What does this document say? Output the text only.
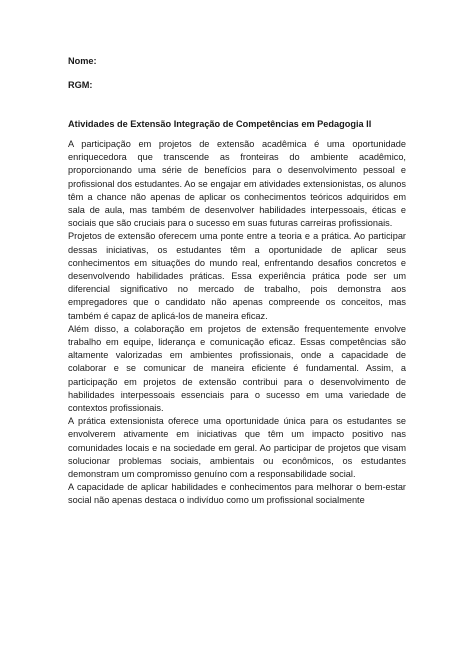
Nome:

RGM:

Atividades de Extensão Integração de Competências em Pedagogia II

A participação em projetos de extensão acadêmica é uma oportunidade enriquecedora que transcende as fronteiras do ambiente acadêmico, proporcionando uma série de benefícios para o desenvolvimento pessoal e profissional dos estudantes. Ao se engajar em atividades extensionistas, os alunos têm a chance não apenas de aplicar os conhecimentos teóricos adquiridos em sala de aula, mas também de desenvolver habilidades interpessoais, éticas e sociais que são cruciais para o sucesso em suas futuras carreiras profissionais.

Projetos de extensão oferecem uma ponte entre a teoria e a prática. Ao participar dessas iniciativas, os estudantes têm a oportunidade de aplicar seus conhecimentos em situações do mundo real, enfrentando desafios concretos e desenvolvendo habilidades práticas. Essa experiência prática pode ser um diferencial significativo no mercado de trabalho, pois demonstra aos empregadores que o candidato não apenas compreende os conceitos, mas também é capaz de aplicá-los de maneira eficaz.

Além disso, a colaboração em projetos de extensão frequentemente envolve trabalho em equipe, liderança e comunicação eficaz. Essas competências são altamente valorizadas em ambientes profissionais, onde a capacidade de colaborar e se comunicar de maneira eficiente é fundamental. Assim, a participação em projetos de extensão contribui para o desenvolvimento de habilidades interpessoais essenciais para o sucesso em uma variedade de contextos profissionais.

A prática extensionista oferece uma oportunidade única para os estudantes se envolverem ativamente em iniciativas que têm um impacto positivo nas comunidades locais e na sociedade em geral. Ao participar de projetos que visam solucionar problemas sociais, ambientais ou econômicos, os estudantes demonstram um compromisso genuíno com a responsabilidade social.

A capacidade de aplicar habilidades e conhecimentos para melhorar o bem-estar social não apenas destaca o indivíduo como um profissional socialmente
